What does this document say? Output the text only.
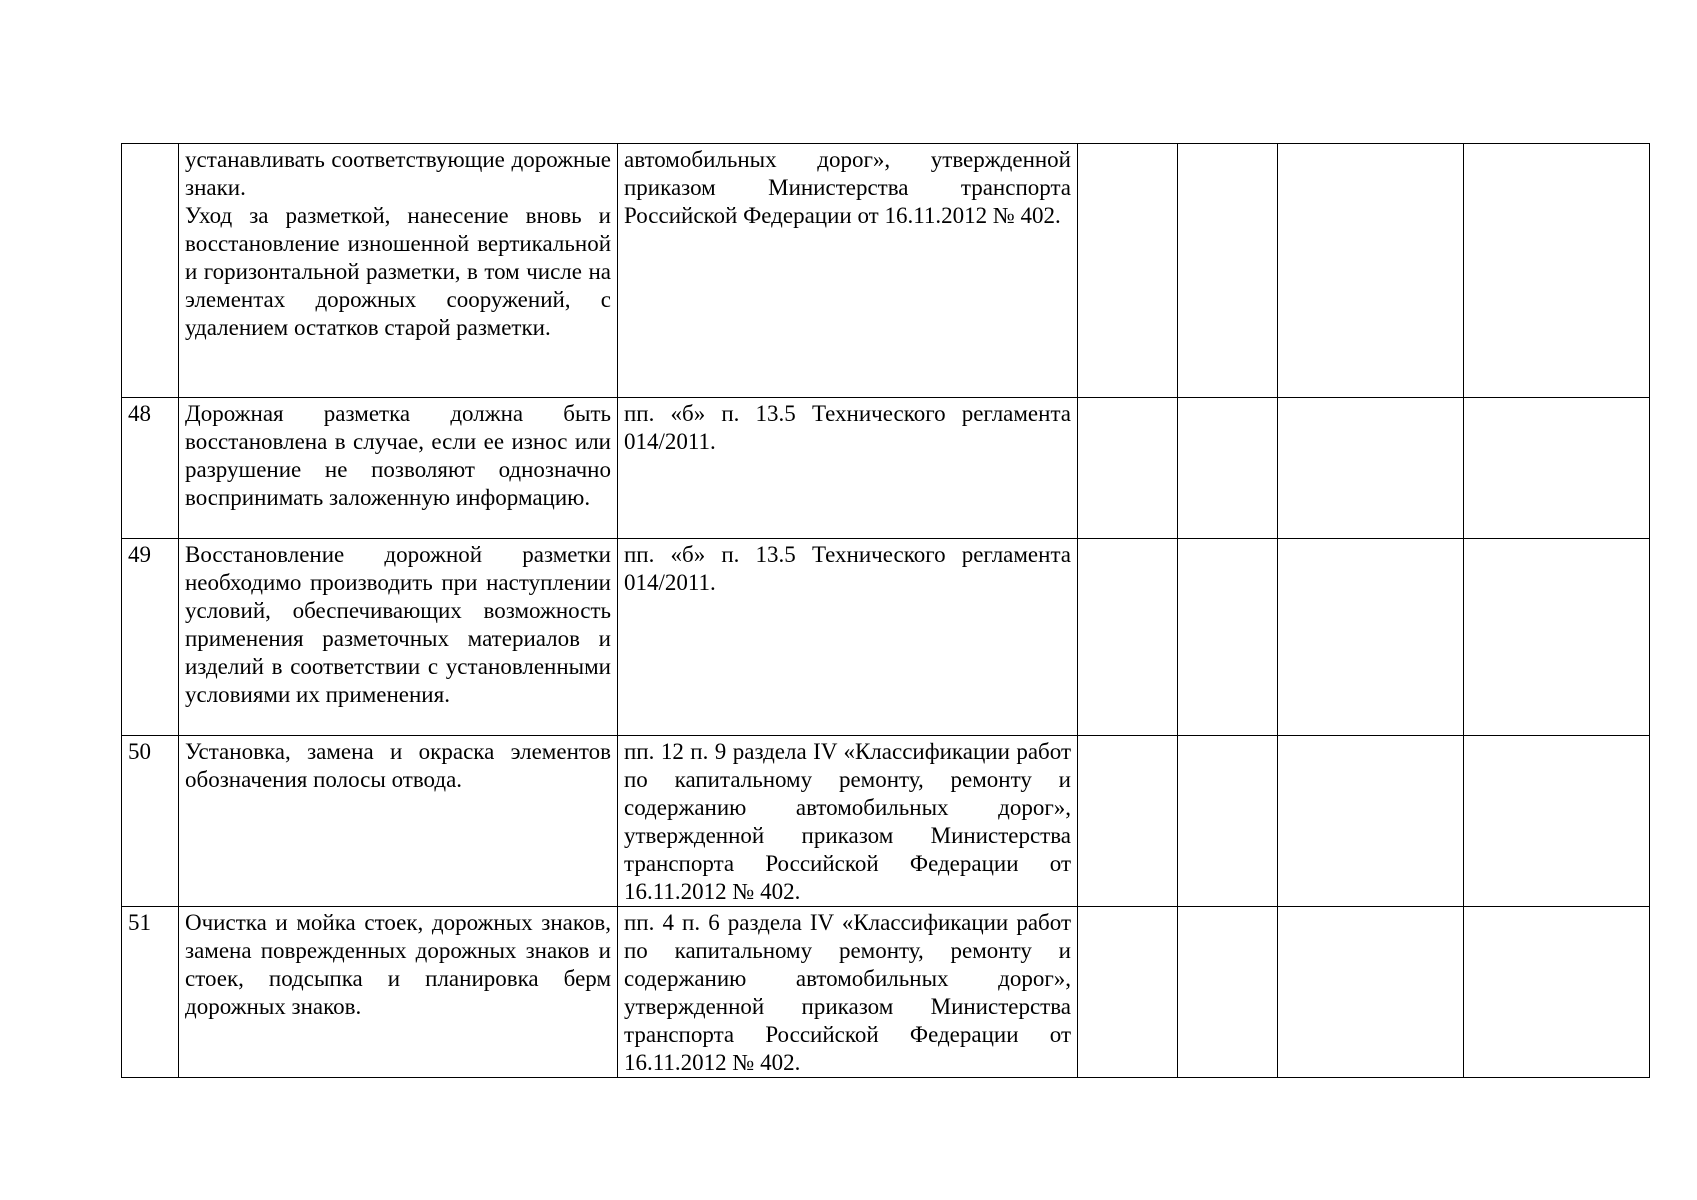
	устанавливать соответствующие дорожные знаки.
Уход за разметкой, нанесение вновь и восстановление изношенной вертикальной и горизонтальной разметки, в том числе на элементах дорожных сооружений, с удалением остатков старой разметки.	автомобильных дорог», утвержденной приказом Министерства транспорта Российской Федерации от 16.11.2012 № 402.				

48	Дорожная разметка должна быть восстановлена в случае, если ее износ или разрушение не позволяют однозначно воспринимать заложенную информацию.	пп. «б» п. 13.5 Технического регламента 014/2011.				

49	Восстановление дорожной разметки необходимо производить при наступлении условий, обеспечивающих возможность применения разметочных материалов и изделий в соответствии с установленными условиями их применения.	пп. «б» п. 13.5 Технического регламента 014/2011.				

50	Установка, замена и окраска элементов обозначения полосы отвода.	пп. 12 п. 9 раздела IV «Классификации работ по капитальному ремонту, ремонту и содержанию автомобильных дорог», утвержденной приказом Министерства транспорта Российской Федерации от 16.11.2012 № 402.				

51	Очистка и мойка стоек, дорожных знаков, замена поврежденных дорожных знаков и стоек, подсыпка и планировка берм дорожных знаков.	пп. 4 п. 6 раздела IV «Классификации работ по капитальному ремонту, ремонту и содержанию автомобильных дорог», утвержденной приказом Министерства транспорта Российской Федерации от 16.11.2012 № 402.				
